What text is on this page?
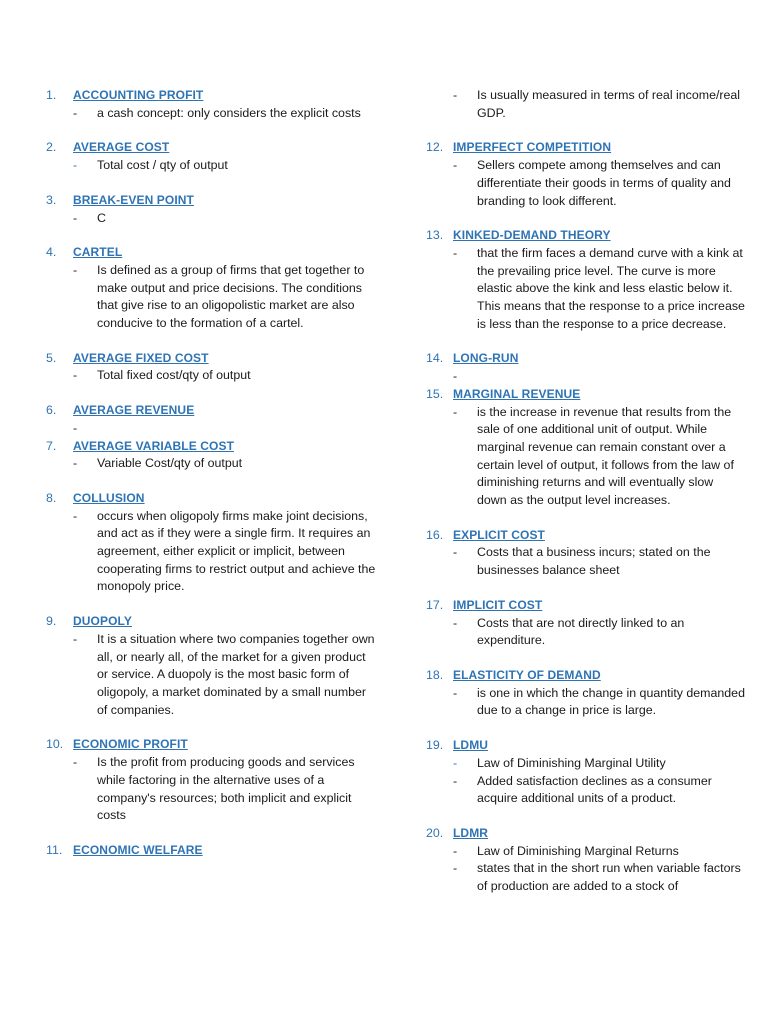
1.	ACCOUNTING PROFIT
-	a cash concept: only considers the explicit costs
2.	AVERAGE COST
-	Total cost / qty of output
3.	BREAK-EVEN POINT
-	C
4.	CARTEL
-	Is defined as a group of firms that get together to make output and price decisions. The conditions that give rise to an oligopolistic market are also conducive to the formation of a cartel.
5.	AVERAGE FIXED COST
-	Total fixed cost/qty of output
6.	AVERAGE REVENUE
-
7.	AVERAGE VARIABLE COST
-	Variable Cost/qty of output
8.	COLLUSION
-	occurs when oligopoly firms make joint decisions, and act as if they were a single firm. It requires an agreement, either explicit or implicit, between cooperating firms to restrict output and achieve the monopoly price.
9.	DUOPOLY
-	It is a situation where two companies together own all, or nearly all, of the market for a given product or service. A duopoly is the most basic form of oligopoly, a market dominated by a small number of companies.
10. ECONOMIC PROFIT
-	Is the profit from producing goods and services while factoring in the alternative uses of a company's resources; both implicit and explicit costs
11. ECONOMIC WELFARE
-	Is usually measured in terms of real income/real GDP.
12. IMPERFECT COMPETITION
-	Sellers compete among themselves and can differentiate their goods in terms of quality and branding to look different.
13. KINKED-DEMAND THEORY
-	that the firm faces a demand curve with a kink at the prevailing price level. The curve is more elastic above the kink and less elastic below it. This means that the response to a price increase is less than the response to a price decrease.
14. LONG-RUN
-
15. MARGINAL REVENUE
-	is the increase in revenue that results from the sale of one additional unit of output. While marginal revenue can remain constant over a certain level of output, it follows from the law of diminishing returns and will eventually slow down as the output level increases.
16. EXPLICIT COST
-	Costs that a business incurs; stated on the businesses balance sheet
17. IMPLICIT COST
-	Costs that are not directly linked to an expenditure.
18. ELASTICITY OF DEMAND
-	is one in which the change in quantity demanded due to a change in price is large.
19. LDMU
-	Law of Diminishing Marginal Utility
-	Added satisfaction declines as a consumer acquire additional units of a product.
20. LDMR
-	Law of Diminishing Marginal Returns
-	states that in the short run when variable factors of production are added to a stock of
